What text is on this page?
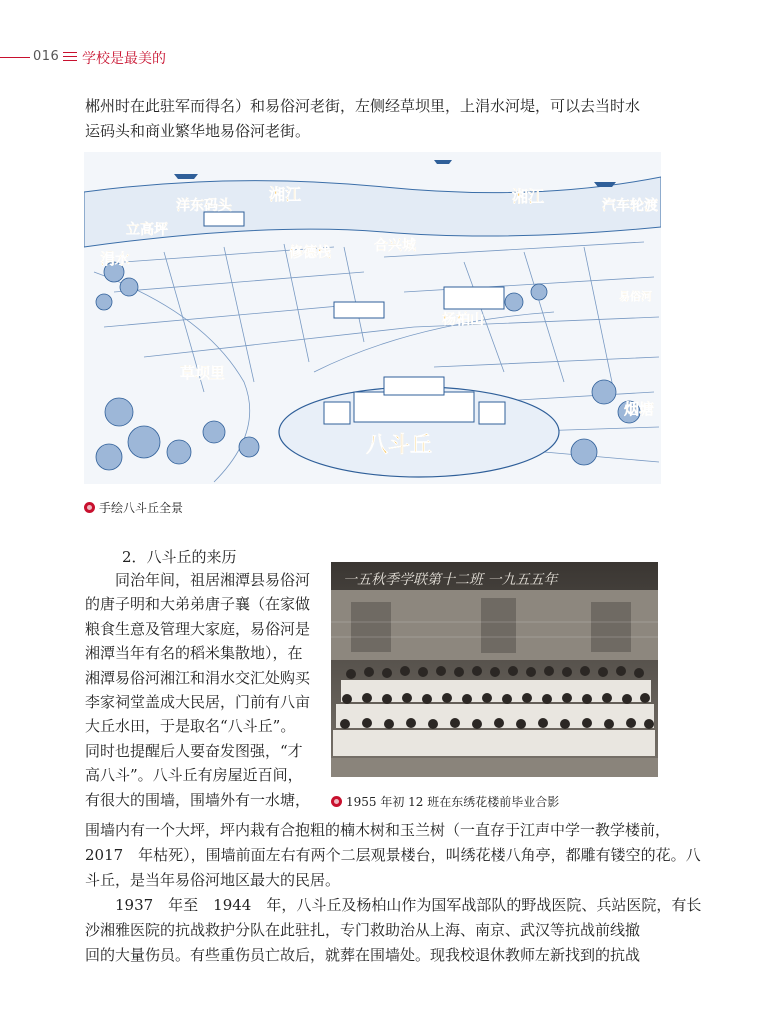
016 学校是最美的
郴州时在此驻军而得名）和易俗河老街，左侧经草坝里，上涓水河堤，可以去当时水
运码头和商业繁华地易俗河老街。
洋东码头
立高坪
湘江	湘江	汽车轮渡
涓水	修德栈	合兴城
杨柏山
易俗河
草坝里
烟塘
八斗丘
手绘八斗丘全景
2．八斗丘的来历
同治年间，祖居湘潭县易俗河
的唐子明和大弟弟唐子襄（在家做
粮食生意及管理大家庭，易俗河是
湘潭当年有名的稻米集散地），在
湘潭易俗河湘江和涓水交汇处购买
李家祠堂盖成大民居，门前有八亩
大丘水田，于是取名“八斗丘”。
同时也提醒后人要奋发图强，“才
高八斗”。八斗丘有房屋近百间，
有很大的围墙，围墙外有一水塘，
一五秋季学联第十二班 一九五五年
1955 年初 12 班在东绣花楼前毕业合影
围墙内有一个大坪，坪内栽有合抱粗的楠木树和玉兰树（一直存于江声中学一教学楼前，
2017　年枯死），围墙前面左右有两个二层观景楼台，叫绣花楼八角亭，都雕有镂空的花。八
斗丘，是当年易俗河地区最大的民居。
1937　年至　1944　年，八斗丘及杨柏山作为国军战部队的野战医院、兵站医院，有长
沙湘雅医院的抗战救护分队在此驻扎，专门救助治从上海、南京、武汉等抗战前线撤
回的大量伤员。有些重伤员亡故后，就葬在围墙处。现我校退休教师左新找到的抗战
